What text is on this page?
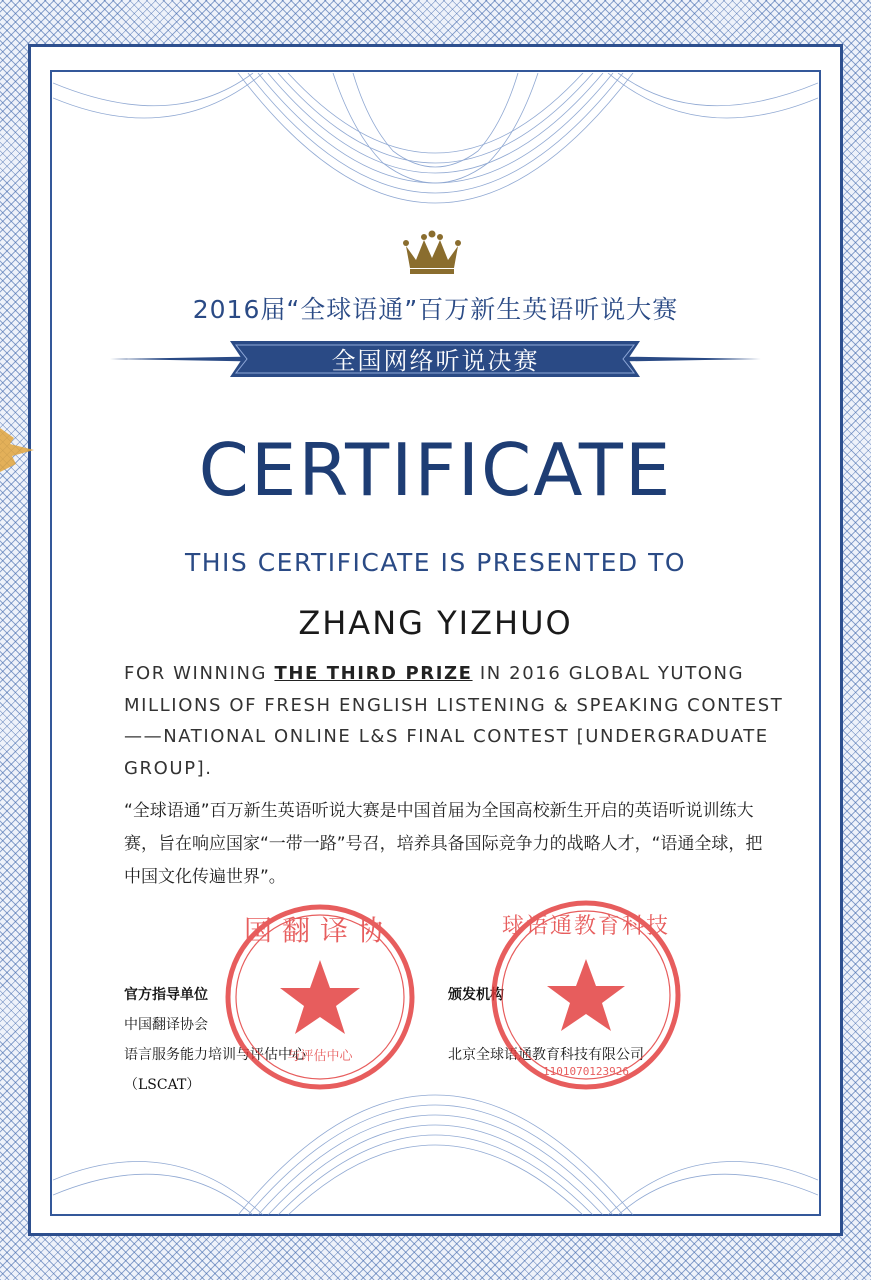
2016届“全球语通”百万新生英语听说大赛
全国网络听说决赛
CERTIFICATE
THIS CERTIFICATE IS PRESENTED TO
ZHANG YIZHUO
FOR WINNING THE THIRD PRIZE IN 2016 GLOBAL YUTONG MILLIONS OF FRESH ENGLISH LISTENING & SPEAKING CONTEST ——NATIONAL ONLINE L&S FINAL CONTEST [UNDERGRADUATE GROUP].
“全球语通”百万新生英语听说大赛是中国首届为全国高校新生开启的英语听说训练大赛，旨在响应国家“一带一路”号召，培养具备国际竞争力的战略人才，“语通全球，把中国文化传遍世界”。
官方指导单位
中国翻译协会
语言服务能力培训与评估中心
（LSCAT）
颁发机构
北京全球语通教育科技有限公司
国翻译协
与评估中心
球语通教育科技
1101070123926
